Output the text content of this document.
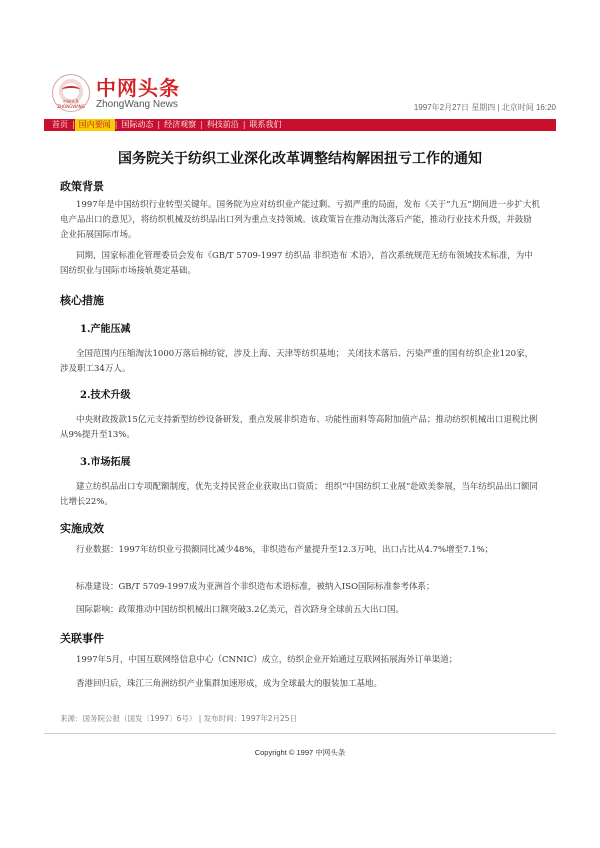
中网头条 ZHONGWANG
中网头条
ZhongWang News	1997年2月27日 星期四 | 北京时间 16:20
首页 | 国内要闻 | 国际动态 | 经济观察 | 科技前沿 | 联系我们
国务院关于纺织工业深化改革调整结构解困扭亏工作的通知
政策背景
1997年是中国纺织行业转型关键年。国务院为应对纺织业产能过剩、亏损严重的局面，发布《关于“九五”期间进一步扩大机电产品出口的意见》，将纺织机械及纺织品出口列为重点支持领域。该政策旨在推动淘汰落后产能，推动行业技术升级，并鼓励企业拓展国际市场。
同期，国家标准化管理委员会发布《GB/T 5709-1997 纺织品 非织造布 术语》，首次系统规范无纺布领域技术标准，为中国纺织业与国际市场接轨奠定基础。
核心措施
1.产能压减
全国范围内压缩淘汰1000万落后棉纺锭，涉及上海、天津等纺织基地； 关闭技术落后、污染严重的国有纺织企业120家，涉及职工34万人。
2.技术升级
中央财政拨款15亿元支持新型纺纱设备研发，重点发展非织造布、功能性面料等高附加值产品；推动纺织机械出口退税比例从9%提升至13%。
3.市场拓展
建立纺织品出口专项配额制度，优先支持民营企业获取出口资质； 组织“中国纺织工业展”赴欧美参展，当年纺织品出口额同比增长22%。
实施成效
行业数据：1997年纺织业亏损额同比减少48%，非织造布产量提升至12.3万吨，出口占比从4.7%增至7.1%；
标准建设：GB/T 5709-1997成为亚洲首个非织造布术语标准，被纳入ISO国际标准参考体系；
国际影响：政策推动中国纺织机械出口额突破3.2亿美元，首次跻身全球前五大出口国。
关联事件
1997年5月，中国互联网络信息中心（CNNIC）成立，纺织企业开始通过互联网拓展海外订单渠道；
香港回归后，珠江三角洲纺织产业集群加速形成，成为全球最大的服装加工基地。
来源：国务院公报（国发〔1997〕6号） | 发布时间：1997年2月25日
Copyright © 1997 中网头条
